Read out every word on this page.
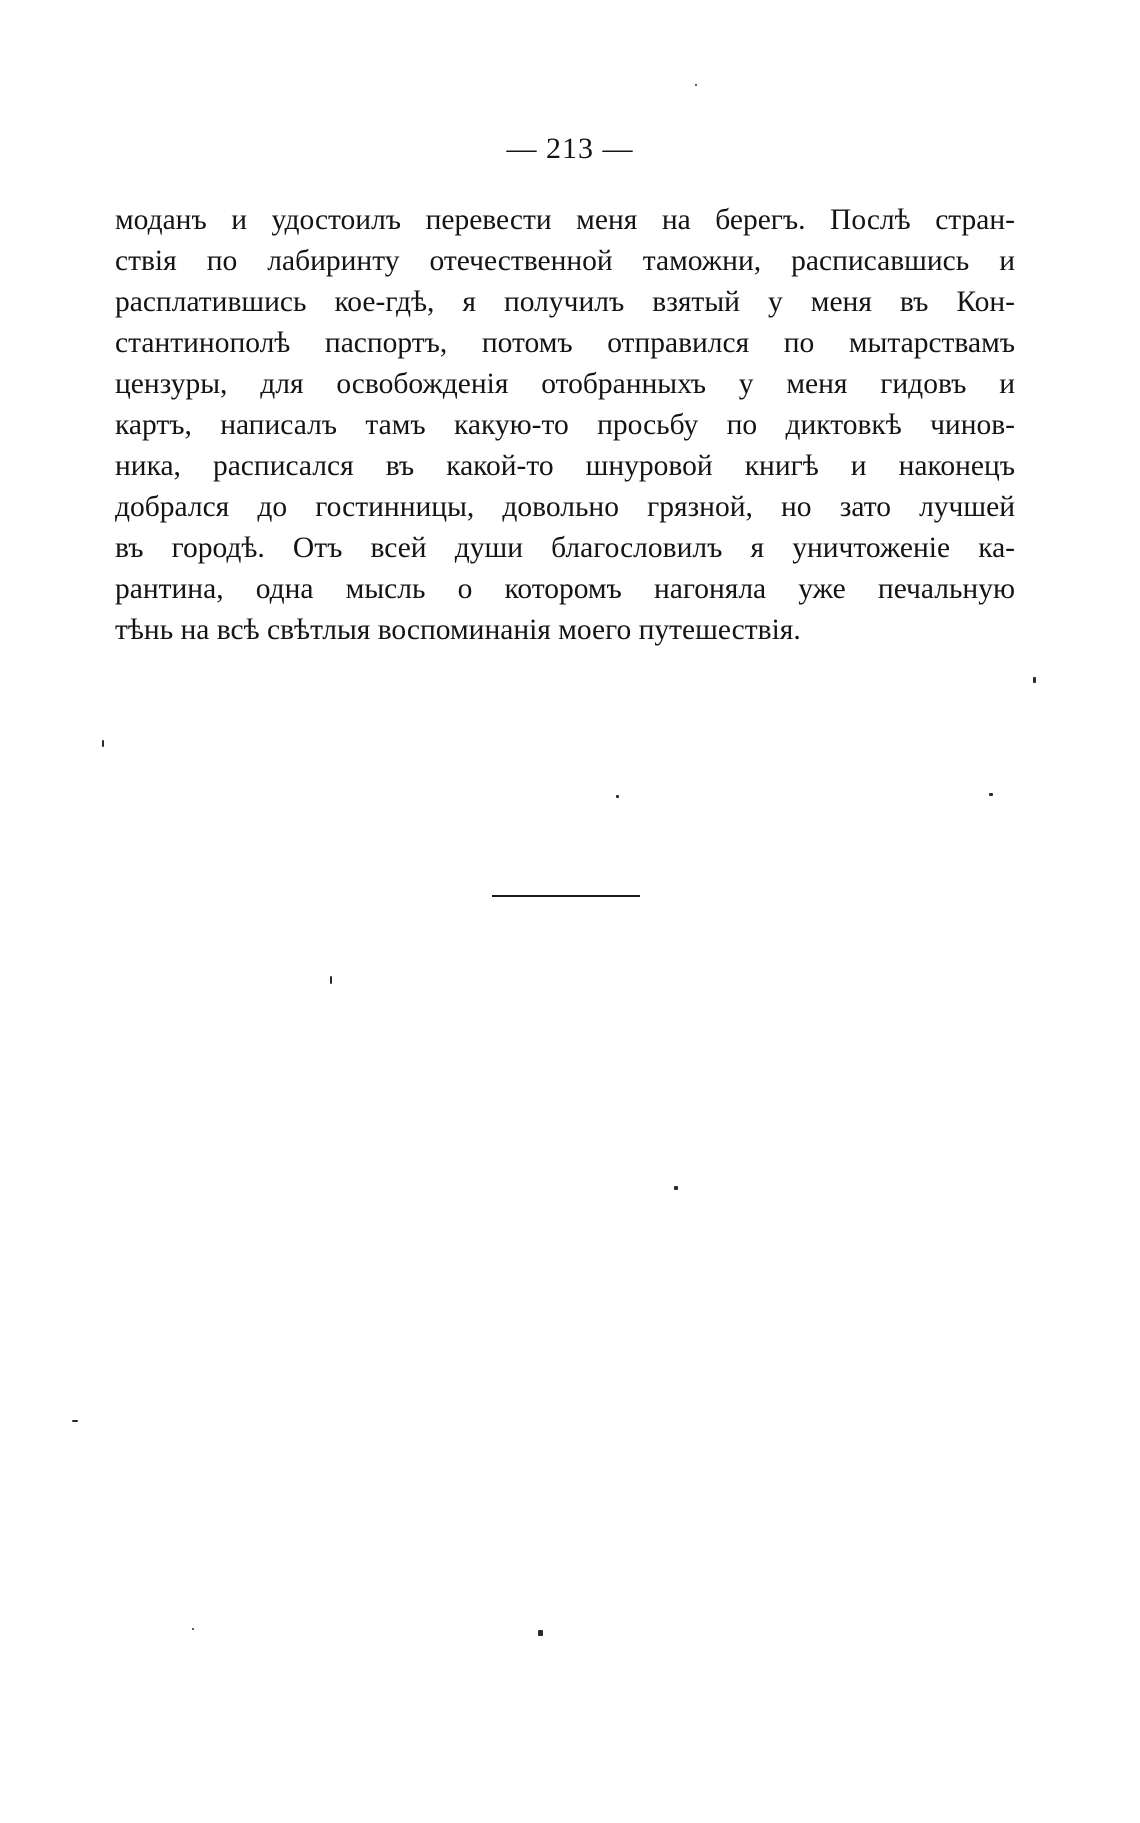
— 213 —
моданъ и удостоилъ перевести меня на берегъ. Послѣ стран-
ствія по лабиринту отечественной таможни, расписавшись и
расплатившись кое-гдѣ, я получилъ взятый у меня въ Кон-
стантинополѣ паспортъ, потомъ отправился по мытарствамъ
цензуры, для освобожденія отобранныхъ у меня гидовъ и
картъ, написалъ тамъ какую-то просьбу по диктовкѣ чинов-
ника, расписался въ какой-то шнуровой книгѣ и наконецъ
добрался до гостинницы, довольно грязной, но зато лучшей
въ городѣ. Отъ всей души благословилъ я уничтоженіе ка-
рантина, одна мысль о которомъ нагоняла уже печальную
тѣнь на всѣ свѣтлыя воспоминанія моего путешествія.
